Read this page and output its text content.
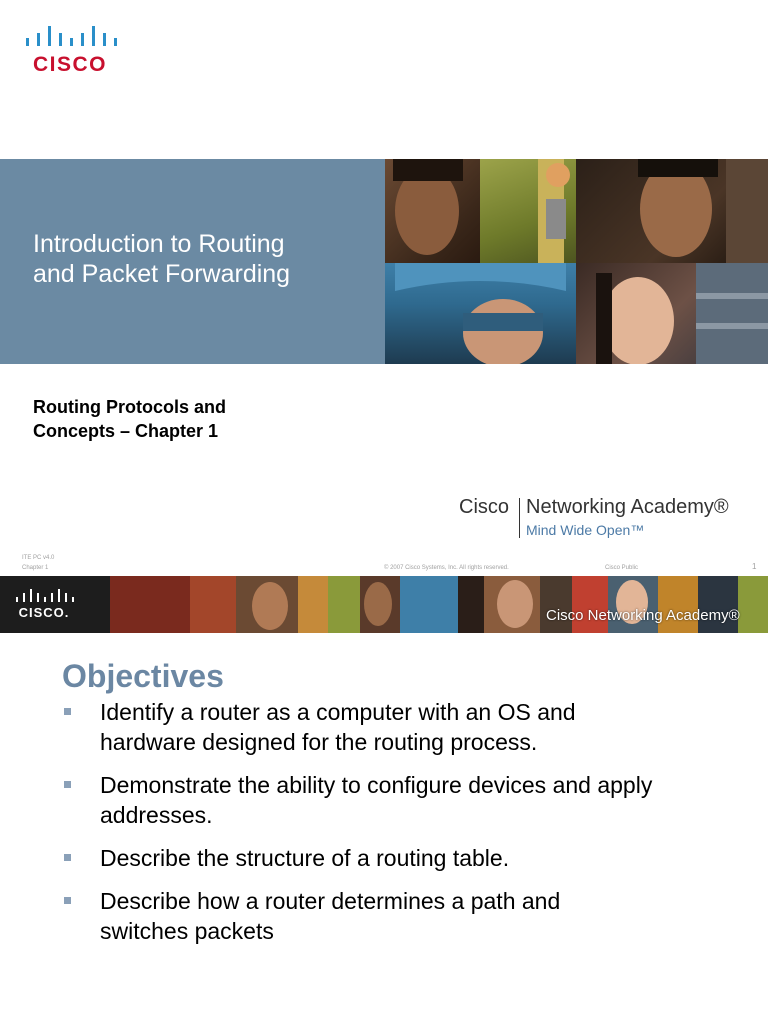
CISCO
Introduction to Routing
and Packet Forwarding
Routing Protocols and
Concepts – Chapter 1
Cisco Networking Academy®
Mind Wide Open™
ITE PC v4.0
Chapter 1	© 2007 Cisco Systems, Inc. All rights reserved.	Cisco Public	1
CISCO.	Cisco Networking Academy®
Objectives
Identify a router as a computer with an OS and
hardware designed for the routing process.
Demonstrate the ability to configure devices and apply
addresses.
Describe the structure of a routing table.
Describe how a router determines a path and
switches packets
